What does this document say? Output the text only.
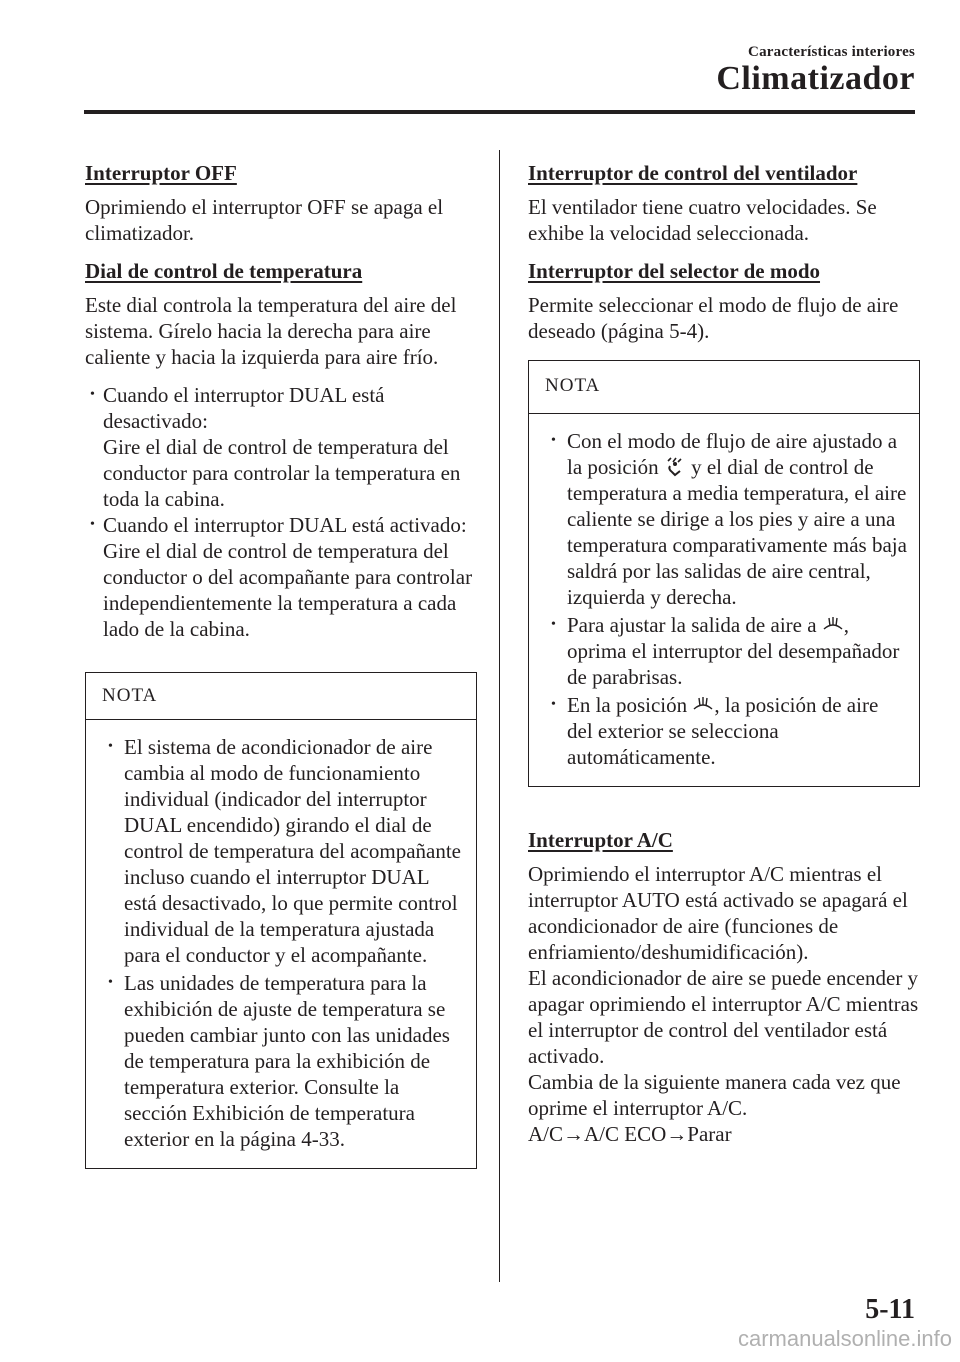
Características interiores
Climatizador
Interruptor OFF

Oprimiendo el interruptor OFF se apaga el climatizador.

Dial de control de temperatura

Este dial controla la temperatura del aire del sistema. Gírelo hacia la derecha para aire caliente y hacia la izquierda para aire frío.

• Cuando el interruptor DUAL está desactivado:
Gire el dial de control de temperatura del conductor para controlar la temperatura en toda la cabina.
• Cuando el interruptor DUAL está activado:
Gire el dial de control de temperatura del conductor o del acompañante para controlar independientemente la temperatura a cada lado de la cabina.
NOTA
• El sistema de acondicionador de aire cambia al modo de funcionamiento individual (indicador del interruptor DUAL encendido) girando el dial de control de temperatura del acompañante incluso cuando el interruptor DUAL está desactivado, lo que permite control individual de la temperatura ajustada para el conductor y el acompañante.
• Las unidades de temperatura para la exhibición de ajuste de temperatura se pueden cambiar junto con las unidades de temperatura para la exhibición de temperatura exterior. Consulte la sección Exhibición de temperatura exterior en la página 4-33.
Interruptor de control del ventilador

El ventilador tiene cuatro velocidades. Se exhibe la velocidad seleccionada.

Interruptor del selector de modo

Permite seleccionar el modo de flujo de aire deseado (página 5-4).

NOTA
• Con el modo de flujo de aire ajustado a la posición  y el dial de control de temperatura a media temperatura, el aire caliente se dirige a los pies y aire a una temperatura comparativamente más baja saldrá por las salidas de aire central, izquierda y derecha.
• Para ajustar la salida de aire a , oprima el interruptor del desempañador de parabrisas.
• En la posición , la posición de aire del exterior se selecciona automáticamente.
Interruptor A/C

Oprimiendo el interruptor A/C mientras el interruptor AUTO está activado se apagará el acondicionador de aire (funciones de enfriamiento/deshumidificación).

El acondicionador de aire se puede encender y apagar oprimiendo el interruptor A/C mientras el interruptor de control del ventilador está activado.

Cambia de la siguiente manera cada vez que oprime el interruptor A/C.

A/C→A/C ECO→Parar

5-11
carmanualsonline.info
